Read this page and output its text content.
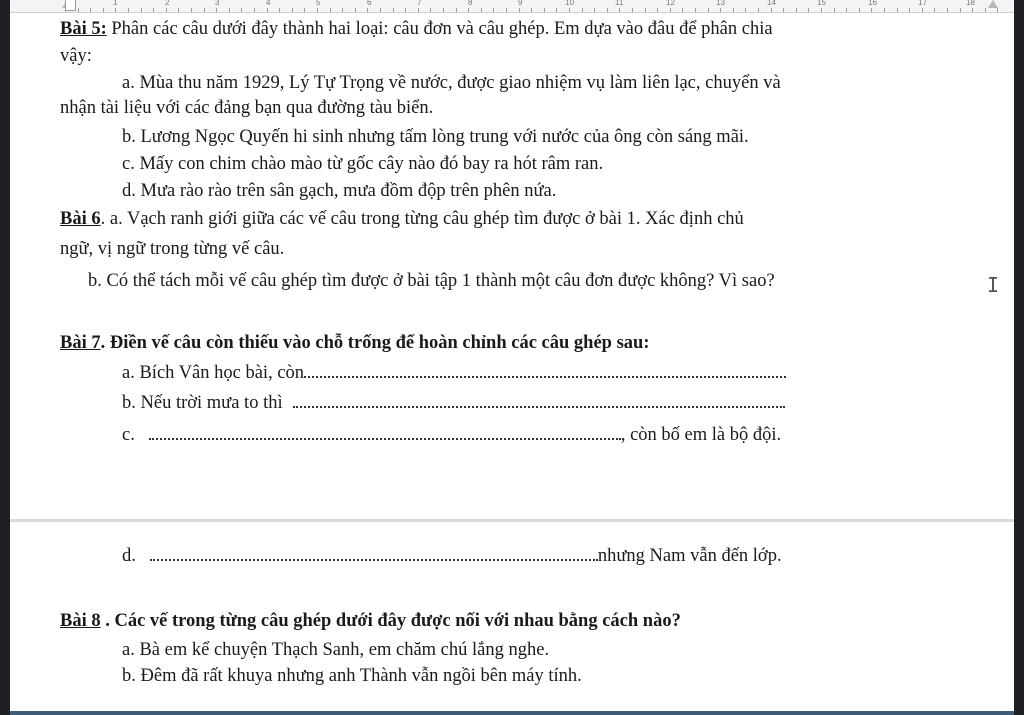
1	2	3	4	5	6	7	8	9	10	11	12	13	14	15	16	17	18
Bài 5: Phân các câu dưới đây thành hai loại: câu đơn và câu ghép. Em dựa vào đâu để phân chia
vậy:
a. Mùa thu năm 1929, Lý Tự Trọng về nước, được giao nhiệm vụ làm liên lạc, chuyển và
nhận tài liệu với các đảng bạn qua đường tàu biển.
b. Lương Ngọc Quyến hi sinh nhưng tấm lòng trung với nước của ông còn sáng mãi.
c. Mấy con chim chào mào từ gốc cây nào đó bay ra hót râm ran.
d. Mưa rào rào trên sân gạch, mưa đồm độp trên phên nứa.
Bài 6. a. Vạch ranh giới giữa các vế câu trong từng câu ghép tìm được ở bài 1. Xác định chủ
ngữ, vị ngữ trong từng vế câu.
b. Có thể tách mỗi vế câu ghép tìm được ở bài tập 1 thành một câu đơn được không? Vì sao?	I
Bài 7. Điền vế câu còn thiếu vào chỗ trống để hoàn chỉnh các câu ghép sau:
a. Bích Vân học bài, còn
b. Nếu trời mưa to thì
c.	, còn bố em là bộ đội.
d.	nhưng Nam vẫn đến lớp.
Bài 8 . Các vế trong từng câu ghép dưới đây được nối với nhau bằng cách nào?
a. Bà em kể chuyện Thạch Sanh, em chăm chú lắng nghe.
b. Đêm đã rất khuya nhưng anh Thành vẫn ngồi bên máy tính.
